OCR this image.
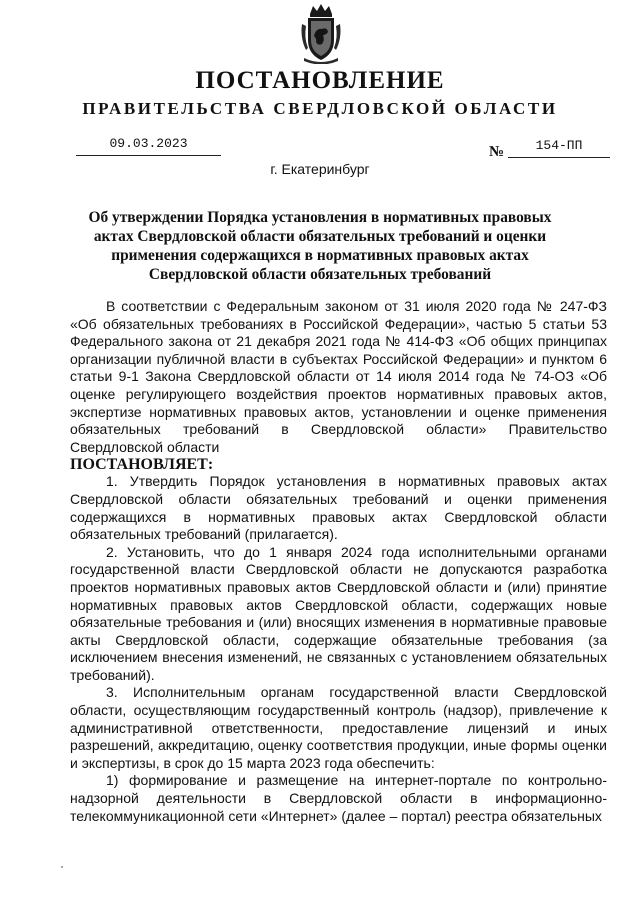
ПОСТАНОВЛЕНИЕ
ПРАВИТЕЛЬСТВА СВЕРДЛОВСКОЙ ОБЛАСТИ
09.03.2023
№	154-ПП
г. Екатеринбург
Об утверждении Порядка установления в нормативных правовых актах Свердловской области обязательных требований и оценки применения содержащихся в нормативных правовых актах Свердловской области обязательных требований

В соответствии с Федеральным законом от 31 июля 2020 года № 247-ФЗ «Об обязательных требованиях в Российской Федерации», частью 5 статьи 53 Федерального закона от 21 декабря 2021 года № 414-ФЗ «Об общих принципах организации публичной власти в субъектах Российской Федерации» и пунктом 6 статьи 9-1 Закона Свердловской области от 14 июля 2014 года № 74-ОЗ «Об оценке регулирующего воздействия проектов нормативных правовых актов, экспертизе нормативных правовых актов, установлении и оценке применения обязательных требований в Свердловской области» Правительство Свердловской области

ПОСТАНОВЛЯЕТ:

1. Утвердить Порядок установления в нормативных правовых актах Свердловской области обязательных требований и оценки применения содержащихся в нормативных правовых актах Свердловской области обязательных требований (прилагается).

2. Установить, что до 1 января 2024 года исполнительными органами государственной власти Свердловской области не допускаются разработка проектов нормативных правовых актов Свердловской области и (или) принятие нормативных правовых актов Свердловской области, содержащих новые обязательные требования и (или) вносящих изменения в нормативные правовые акты Свердловской области, содержащие обязательные требования (за исключением внесения изменений, не связанных с установлением обязательных требований).

3. Исполнительным органам государственной власти Свердловской области, осуществляющим государственный контроль (надзор), привлечение к административной ответственности, предоставление лицензий и иных разрешений, аккредитацию, оценку соответствия продукции, иные формы оценки и экспертизы, в срок до 15 марта 2023 года обеспечить:

1) формирование и размещение на интернет-портале по контрольно-надзорной деятельности в Свердловской области в информационно-телекоммуникационной сети «Интернет» (далее – портал) реестра обязательных
